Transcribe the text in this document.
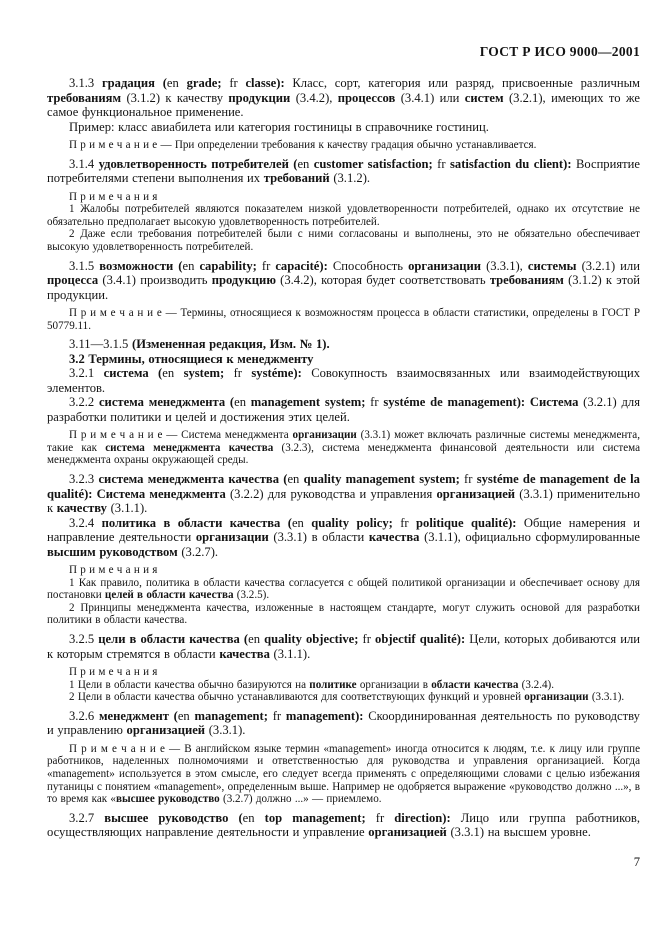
ГОСТ Р ИСО 9000—2001

3.1.3 градация (en grade; fr classe): Класс, сорт, категория или разряд, присвоенные различным требованиям (3.1.2) к качеству продукции (3.4.2), процессов (3.4.1) или систем (3.2.1), имеющих то же самое функциональное применение.

Пример: класс авиабилета или категория гостиницы в справочнике гостиниц.

П р и м е ч а н и е — При определении требования к качеству градация обычно устанавливается.

3.1.4 удовлетворенность потребителей (en customer satisfaction; fr satisfaction du client): Восприятие потребителями степени выполнения их требований (3.1.2).

П р и м е ч а н и я

1 Жалобы потребителей являются показателем низкой удовлетворенности потребителей, однако их отсутствие не обязательно предполагает высокую удовлетворенность потребителей.

2 Даже если требования потребителей были с ними согласованы и выполнены, это не обязательно обеспечивает высокую удовлетворенность потребителей.

3.1.5 возможности (en capability; fr capacité): Способность организации (3.3.1), системы (3.2.1) или процесса (3.4.1) производить продукцию (3.4.2), которая будет соответствовать требованиям (3.1.2) к этой продукции.

П р и м е ч а н и е — Термины, относящиеся к возможностям процесса в области статистики, определены в ГОСТ Р 50779.11.

3.11—3.1.5 (Измененная редакция, Изм. № 1).

3.2 Термины, относящиеся к менеджменту

3.2.1 система (en system; fr systéme): Совокупность взаимосвязанных или взаимодействующих элементов.

3.2.2 система менеджмента (en management system; fr systéme de management): Система (3.2.1) для разработки политики и целей и достижения этих целей.

П р и м е ч а н и е — Система менеджмента организации (3.3.1) может включать различные системы менеджмента, такие как система менеджмента качества (3.2.3), система менеджмента финансовой деятельности или система менеджмента охраны окружающей среды.

3.2.3 система менеджмента качества (en quality management system; fr systéme de management de la qualité): Система менеджмента (3.2.2) для руководства и управления организацией (3.3.1) применительно к качеству (3.1.1).

3.2.4 политика в области качества (en quality policy; fr politique qualité): Общие намерения и направление деятельности организации (3.3.1) в области качества (3.1.1), официально сформулированные высшим руководством (3.2.7).

П р и м е ч а н и я

1 Как правило, политика в области качества согласуется с общей политикой организации и обеспечивает основу для постановки целей в области качества (3.2.5).

2 Принципы менеджмента качества, изложенные в настоящем стандарте, могут служить основой для разработки политики в области качества.

3.2.5 цели в области качества (en quality objective; fr objectif qualité): Цели, которых добиваются или к которым стремятся в области качества (3.1.1).

П р и м е ч а н и я

1 Цели в области качества обычно базируются на политике организации в области качества (3.2.4).

2 Цели в области качества обычно устанавливаются для соответствующих функций и уровней организации (3.3.1).

3.2.6 менеджмент (en management; fr management): Скоординированная деятельность по руководству и управлению организацией (3.3.1).

П р и м е ч а н и е — В английском языке термин «management» иногда относится к людям, т.е. к лицу или группе работников, наделенных полномочиями и ответственностью для руководства и управления организацией. Когда «management» используется в этом смысле, его следует всегда применять с определяющими словами с целью избежания путаницы с понятием «management», определенным выше. Например не одобряется выражение «руководство должно ...», в то время как «высшее руководство (3.2.7) должно ...» — приемлемо.

3.2.7 высшее руководство (en top management; fr direction): Лицо или группа работников, осуществляющих направление деятельности и управление организацией (3.3.1) на высшем уровне.

7
